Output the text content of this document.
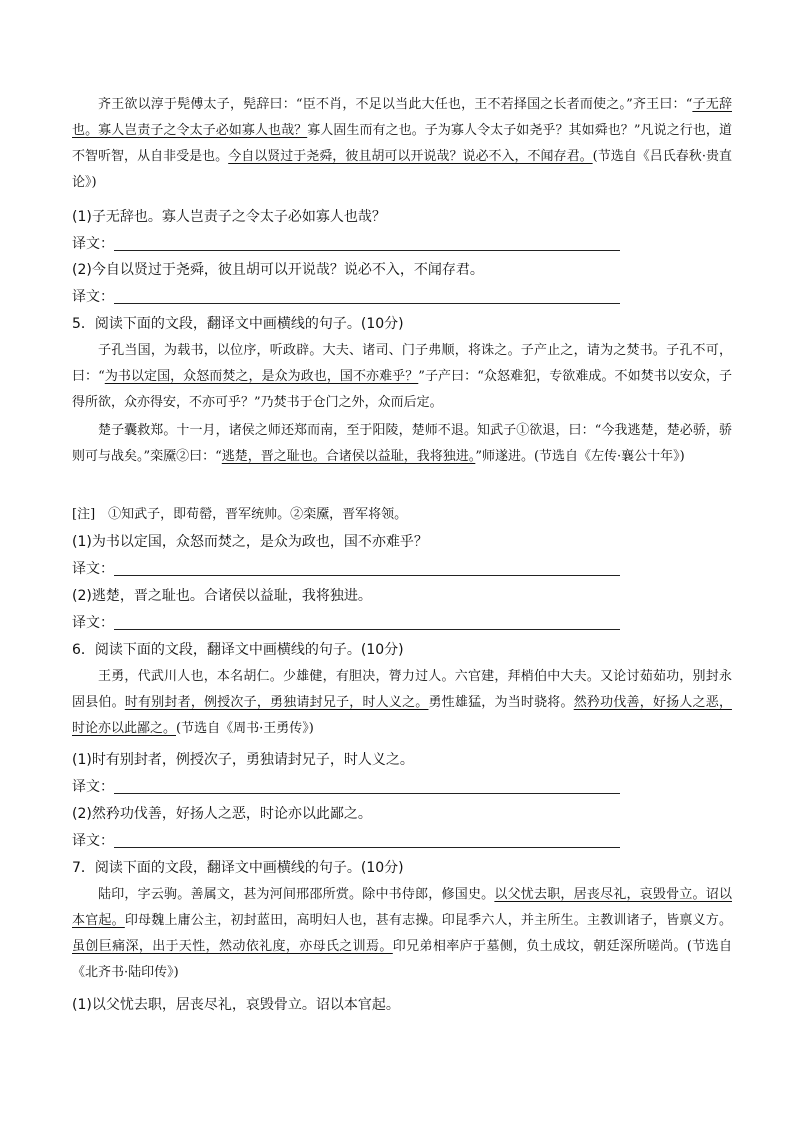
齐王欲以淳于髡傅太子，髡辞曰：“臣不肖，不足以当此大任也，王不若择国之长者而使之。”齐王曰：“子无辞也。寡人岂责子之令太子必如寡人也哉？寡人固生而有之也。子为寡人令太子如尧乎？其如舜也？”凡说之行也，道不智听智，从自非受是也。今自以贤过于尧舜，彼且胡可以开说哉？说必不入，不闻存君。(节选自《吕氏春秋·贵直论》)

(1)子无辞也。寡人岂责子之令太子必如寡人也哉？
译文：
(2)今自以贤过于尧舜，彼且胡可以开说哉？说必不入，不闻存君。
译文：
5．阅读下面的文段，翻译文中画横线的句子。(10分)

子孔当国，为载书，以位序，听政辟。大夫、诸司、门子弗顺，将诛之。子产止之，请为之焚书。子孔不可，曰：“为书以定国，众怒而焚之，是众为政也，国不亦难乎？”子产曰：“众怒难犯，专欲难成。不如焚书以安众，子得所欲，众亦得安，不亦可乎？”乃焚书于仓门之外，众而后定。

楚子囊救郑。十一月，诸侯之师还郑而南，至于阳陵，楚师不退。知武子①欲退，曰：“今我逃楚，楚必骄，骄则可与战矣。”栾黡②曰：“逃楚，晋之耻也。合诸侯以益耻，我将独进。”师遂进。(节选自《左传·襄公十年》)

[注]　①知武子，即荀罃，晋军统帅。②栾黡，晋军将领。
(1)为书以定国，众怒而焚之，是众为政也，国不亦难乎？
译文：
(2)逃楚，晋之耻也。合诸侯以益耻，我将独进。
译文：
6．阅读下面的文段，翻译文中画横线的句子。(10分)

王勇，代武川人也，本名胡仁。少雄健，有胆决，膂力过人。六官建，拜梢伯中大夫。又论讨茹茹功，别封永固县伯。时有别封者，例授次子，勇独请封兄子，时人义之。勇性雄猛，为当时骁将。然矜功伐善，好扬人之恶，时论亦以此鄙之。(节选自《周书·王勇传》)

(1)时有别封者，例授次子，勇独请封兄子，时人义之。
译文：
(2)然矜功伐善，好扬人之恶，时论亦以此鄙之。
译文：
7．阅读下面的文段，翻译文中画横线的句子。(10分)

陆印，字云驹。善属文，甚为河间邢邵所赏。除中书侍郎，修国史。以父忧去职，居丧尽礼，哀毁骨立。诏以本官起。印母魏上庸公主，初封蓝田，高明妇人也，甚有志操。印昆季六人，并主所生。主教训诸子，皆禀义方。虽创巨痛深，出于天性，然动依礼度，亦母氏之训焉。印兄弟相率庐于墓侧，负土成坟，朝廷深所嗟尚。(节选自《北齐书·陆印传》)

(1)以父忧去职，居丧尽礼，哀毁骨立。诏以本官起。
